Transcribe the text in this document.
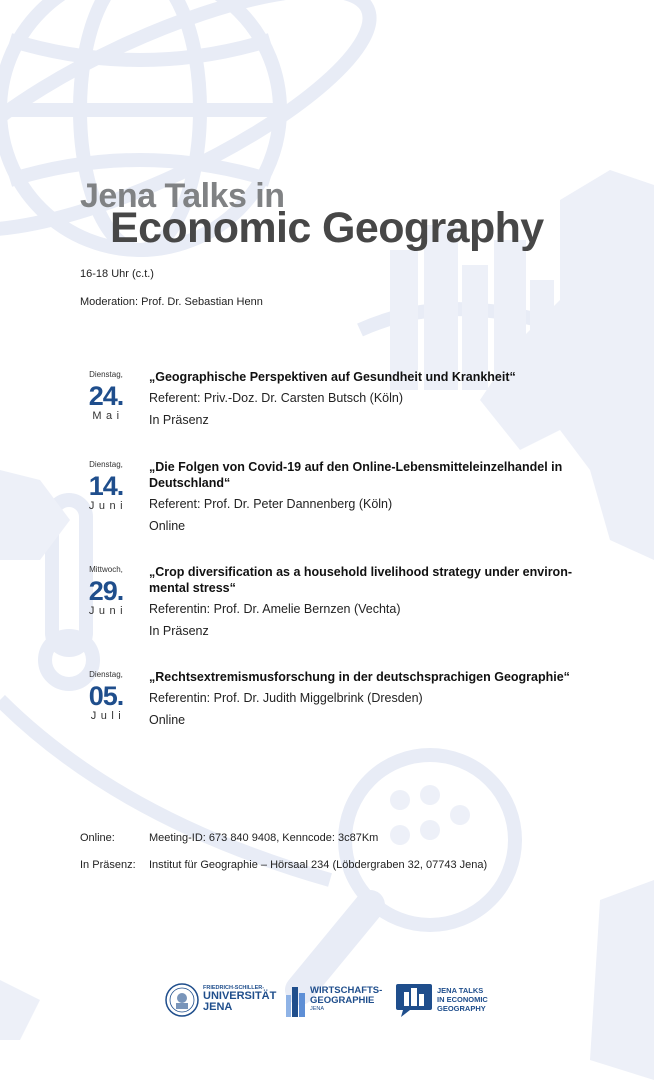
Jena Talks in
Economic Geography
16-18 Uhr (c.t.)
Moderation: Prof. Dr. Sebastian Henn
Dienstag,
24.
Mai
„Geographische Perspektiven auf Gesundheit und Krankheit“
Referent: Priv.-Doz. Dr. Carsten Butsch (Köln)
In Präsenz
Dienstag,
14.
Juni
„Die Folgen von Covid-19 auf den Online-Lebensmitteleinzelhandel in Deutschland“
Referent: Prof. Dr. Peter Dannenberg (Köln)
Online
Mittwoch,
29.
Juni
„Crop diversification as a household livelihood strategy under environ-mental stress“
Referentin: Prof. Dr. Amelie Bernzen (Vechta)
In Präsenz
Dienstag,
05.
Juli
„Rechtsextremismusforschung in der deutschsprachigen Geographie“
Referentin: Prof. Dr. Judith Miggelbrink (Dresden)
Online
Online:	Meeting-ID: 673 840 9408, Kenncode: 3c87Km
In Präsenz: Institut für Geographie – Hörsaal 234 (Löbdergraben 32, 07743 Jena)
FRIEDRICH-SCHILLER-
UNIVERSITÄT
JENA
WIRTSCHAFTS-
GEOGRAPHIE
JENA
JENA TALKS
IN ECONOMIC
GEOGRAPHY
